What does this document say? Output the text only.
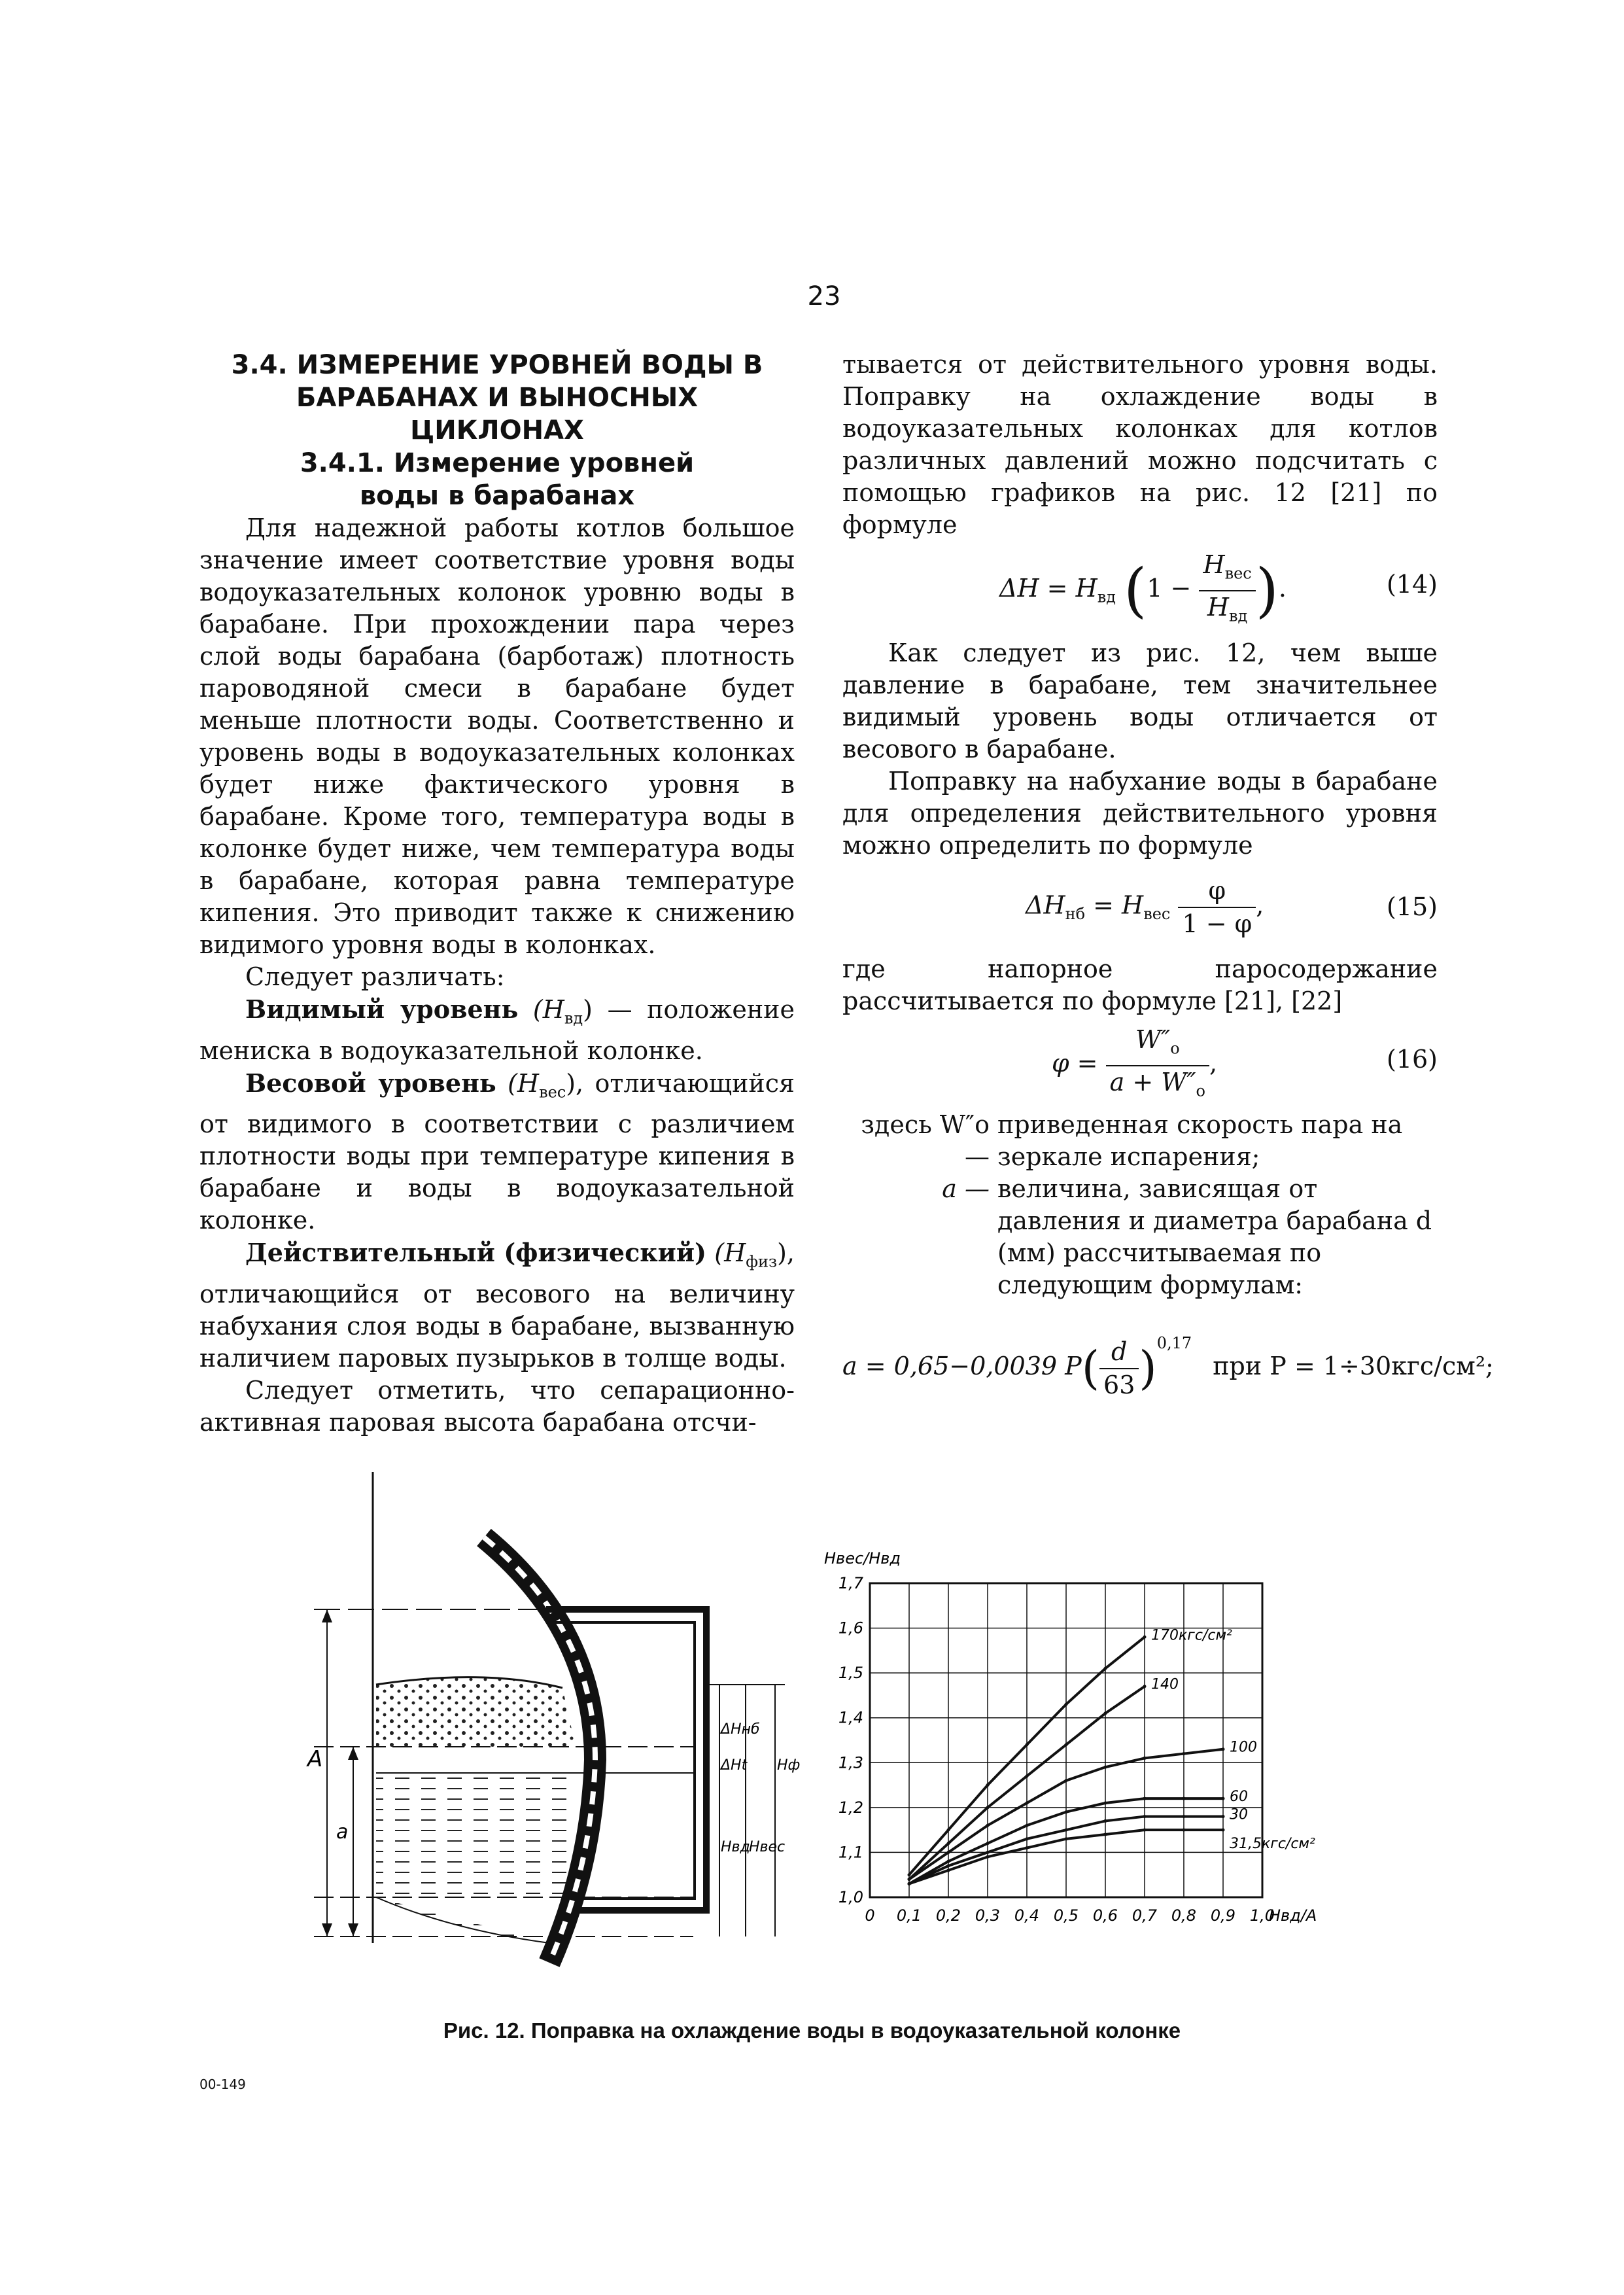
23

3.4. ИЗМЕРЕНИЕ УРОВНЕЙ ВОДЫ В БАРАБАНАХ И ВЫНОСНЫХ ЦИКЛОНАХ

3.4.1. Измерение уровней воды в барабанах

Для надежной работы котлов большое значение имеет соответствие уровня воды водоуказательных колонок уровню воды в барабане. При прохождении пара через слой воды барабана (барботаж) плотность пароводяной смеси в барабане будет меньше плотности воды. Соответственно и уровень воды в водоуказательных колонках будет ниже фактического уровня в барабане. Кроме того, температура воды в колонке будет ниже, чем температура воды в барабане, которая равна температуре кипения. Это приводит также к снижению видимого уровня воды в колонках.

Следует различать:

Видимый уровень $(H_{вд})$ — положение мениска в водоуказательной колонке.

Весовой уровень $(H_{вес})$, отличающийся от видимого в соответствии с различием плотности воды при температуре кипения в барабане и воды в водоуказательной колонке.

Действительный (физический) $(H_{физ})$, отличающийся от весового на величину набухания слоя воды в барабане, вызванную наличием паровых пузырьков в толще воды.

Следует отметить, что сепарационно-активная паровая высота барабана отсчи-

тывается от действительного уровня воды. Поправку на охлаждение воды в водоуказательных колонках для котлов различных давлений можно подсчитать с помощью графиков на рис. 12 [21] по формуле

$\Delta H = H_{вд}$ ($1 - \frac{H_{вес}}{H_{вд}}$ ).	(14)

Как следует из рис. 12, чем выше давление в барабане, тем значительнее видимый уровень воды отличается от весового в барабане.

Поправку на набухание воды в барабане для определения действительного уровня можно определить по формуле

$\Delta H_{нб} = H_{вес} \frac{\varphi}{1 - \varphi}$ ,	(15)

где напорное паросодержание рассчитывается по формуле [21], [22]

$\varphi = \frac{W''_o}{a + W''_o}$ ,	(16)
здесь W″o —
приведенная скорость пара на зеркале испарения;
a — величина, зависящая от давления и диаметра барабана d (мм) рассчитываемая по следующим формулам:
a = 0,65−0,0039 $P( \frac{d}{63} )^{0,17}$ при P = 1÷30кгс/см²;
A
a
ΔHнб
ΔHt Hф
Hвд
Hвес
0 0,1 0,2 0,3 0,4 0,5 0,6 0,7 0,8 0,9 1,0
1,0
1,1
1,2
1,3
1,4
1,5
1,6
1,7
Hвес/Hвд
Hвд/A
170кгс/см²
140
100
60
30
31,5кгс/см²
Рис. 12. Поправка на охлаждение воды в водоуказательной колонке
00-149
